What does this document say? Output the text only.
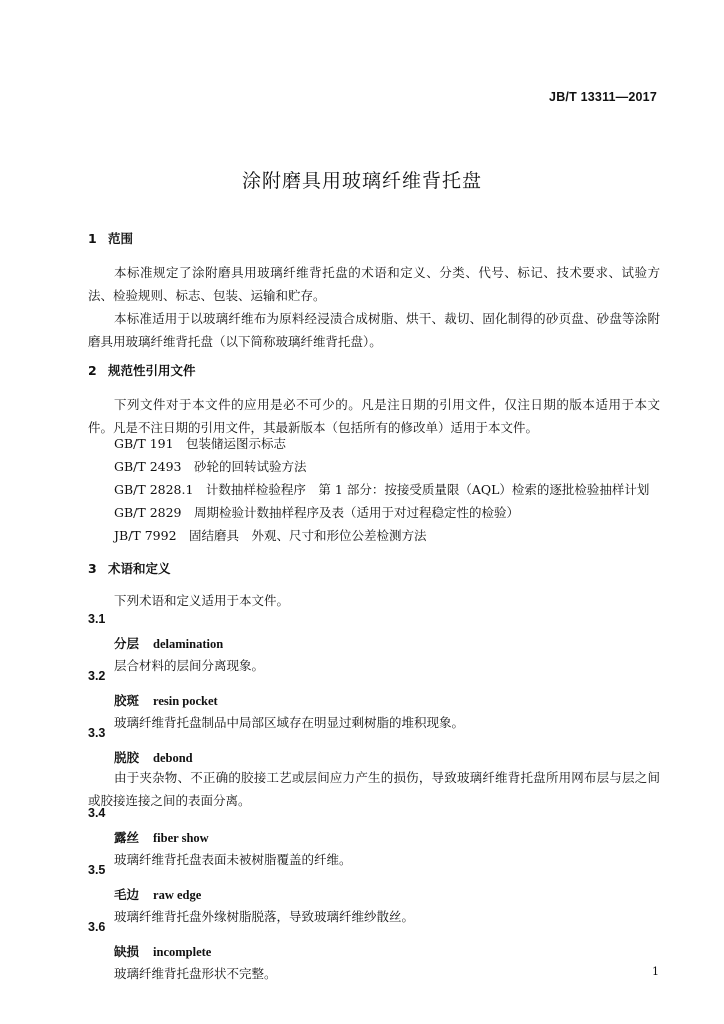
JB/T 13311—2017
涂附磨具用玻璃纤维背托盘
1 范围
本标准规定了涂附磨具用玻璃纤维背托盘的术语和定义、分类、代号、标记、技术要求、试验方法、检验规则、标志、包装、运输和贮存。
本标准适用于以玻璃纤维布为原料经浸渍合成树脂、烘干、裁切、固化制得的砂页盘、砂盘等涂附磨具用玻璃纤维背托盘（以下简称玻璃纤维背托盘）。
2 规范性引用文件
下列文件对于本文件的应用是必不可少的。凡是注日期的引用文件，仅注日期的版本适用于本文件。凡是不注日期的引用文件，其最新版本（包括所有的修改单）适用于本文件。
GB/T 191　包装储运图示标志
GB/T 2493　砂轮的回转试验方法
GB/T 2828.1　计数抽样检验程序　第 1 部分：按接受质量限（AQL）检索的逐批检验抽样计划
GB/T 2829　周期检验计数抽样程序及表（适用于对过程稳定性的检验）
JB/T 7992　固结磨具　外观、尺寸和形位公差检测方法
3 术语和定义
下列术语和定义适用于本文件。
3.1
分层 delamination
层合材料的层间分离现象。
3.2
胶斑 resin pocket
玻璃纤维背托盘制品中局部区域存在明显过剩树脂的堆积现象。
3.3
脱胶 debond
由于夹杂物、不正确的胶接工艺或层间应力产生的损伤，导致玻璃纤维背托盘所用网布层与层之间或胶接连接之间的表面分离。
3.4
露丝 fiber show
玻璃纤维背托盘表面未被树脂覆盖的纤维。
3.5
毛边 raw edge
玻璃纤维背托盘外缘树脂脱落，导致玻璃纤维纱散丝。
3.6
缺损 incomplete
玻璃纤维背托盘形状不完整。	1
